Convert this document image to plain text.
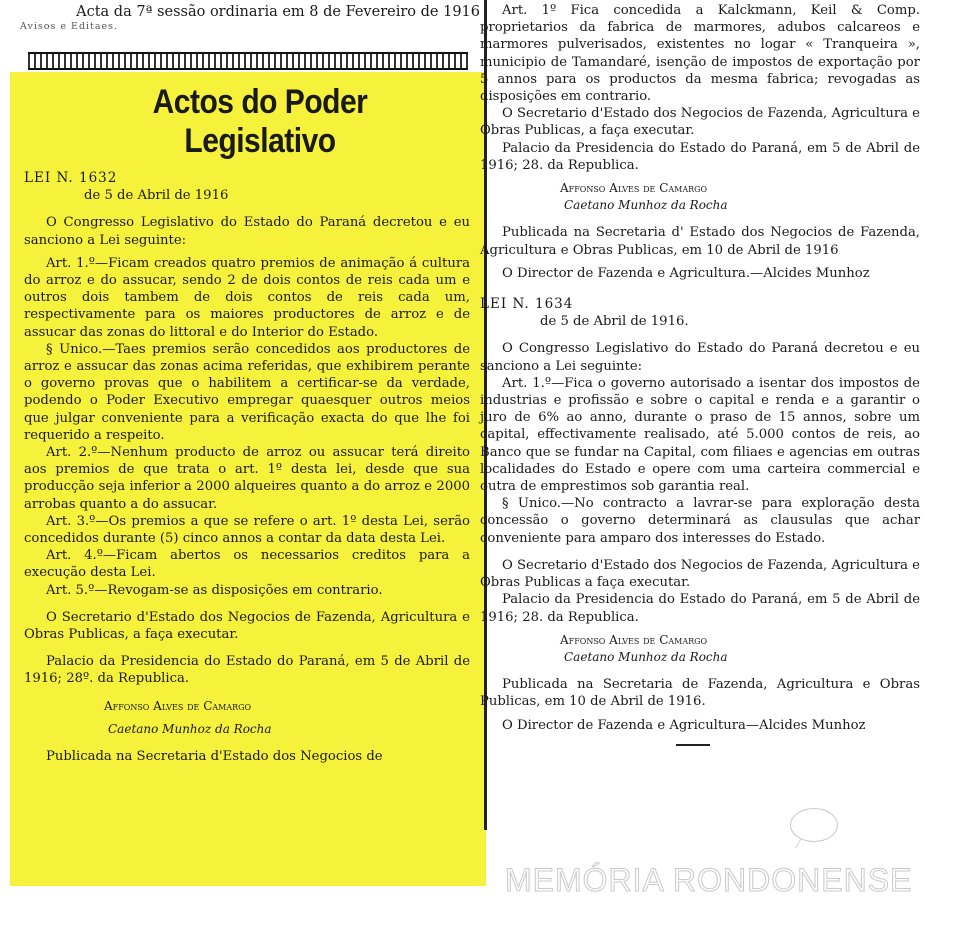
Acta da 7ª sessão ordinaria em 8 de Fevereiro de 1916
Avisos e Editaes.
Actos do Poder Legislativo

LEI N. 1632

de 5 de Abril de 1916

O Congresso Legislativo do Estado do Paraná decretou e eu sanciono a Lei seguinte:

Art. 1.º—Ficam creados quatro premios de animação á cultura do arroz e do assucar, sendo 2 de dois contos de reis cada um e outros dois tambem de dois contos de reis cada um, respectivamente para os maiores productores de arroz e de assucar das zonas do littoral e do Interior do Estado.

§ Unico.—Taes premios serão concedidos aos productores de arroz e assucar das zonas acima referidas, que exhibirem perante o governo provas que o habilitem a certificar-se da verdade, podendo o Poder Executivo empregar quaesquer outros meios que julgar conveniente para a verificação exacta do que lhe foi requerido a respeito.

Art. 2.º—Nenhum producto de arroz ou assucar terá direito aos premios de que trata o art. 1º desta lei, desde que sua producção seja inferior a 2000 alqueires quanto a do arroz e 2000 arrobas quanto a do assucar.

Art. 3.º—Os premios a que se refere o art. 1º desta Lei, serão concedidos durante (5) cinco annos a contar da data desta Lei.

Art. 4.º—Ficam abertos os necessarios creditos para a execução desta Lei.

Art. 5.º—Revogam-se as disposições em contrario.

O Secretario d'Estado dos Negocios de Fazenda, Agricultura e Obras Publicas, a faça executar.

Palacio da Presidencia do Estado do Paraná, em 5 de Abril de 1916; 28º. da Republica.

Affonso Alves de Camargo
Caetano Munhoz da Rocha

Publicada na Secretaria d'Estado dos Negocios de

Art. 1º Fica concedida a Kalckmann, Keil & Comp. proprietarios da fabrica de marmores, adubos calcareos e marmores pulverisados, existentes no logar « Tranqueira », municipio de Tamandaré, isenção de impostos de exportação por 5 annos para os productos da mesma fabrica; revogadas as disposições em contrario.

O Secretario d'Estado dos Negocios de Fazenda, Agricultura e Obras Publicas, a faça executar.

Palacio da Presidencia do Estado do Paraná, em 5 de Abril de 1916; 28. da Republica.

Affonso Alves de Camargo
Caetano Munhoz da Rocha

Publicada na Secretaria d' Estado dos Negocios de Fazenda, Agricultura e Obras Publicas, em 10 de Abril de 1916

O Director de Fazenda e Agricultura.—Alcides Munhoz

LEI N. 1634

de 5 de Abril de 1916.

O Congresso Legislativo do Estado do Paraná decretou e eu sanciono a Lei seguinte:

Art. 1.º—Fica o governo autorisado a isentar dos impostos de industrias e profissão e sobre o capital e renda e a garantir o juro de 6% ao anno, durante o praso de 15 annos, sobre um capital, effectivamente realisado, até 5.000 contos de reis, ao Banco que se fundar na Capital, com filiaes e agencias em outras localidades do Estado e opere com uma carteira commercial e outra de emprestimos sob garantia real.

§ Unico.—No contracto a lavrar-se para exploração desta concessão o governo determinará as clausulas que achar conveniente para amparo dos interesses do Estado.

O Secretario d'Estado dos Negocios de Fazenda, Agricultura e Obras Publicas a faça executar.

Palacio da Presidencia do Estado do Paraná, em 5 de Abril de 1916; 28. da Republica.

Affonso Alves de Camargo
Caetano Munhoz da Rocha

Publicada na Secretaria de Fazenda, Agricultura e Obras Publicas, em 10 de Abril de 1916.

O Director de Fazenda e Agricultura—Alcides Munhoz

MEMÓRIA RONDONENSE
